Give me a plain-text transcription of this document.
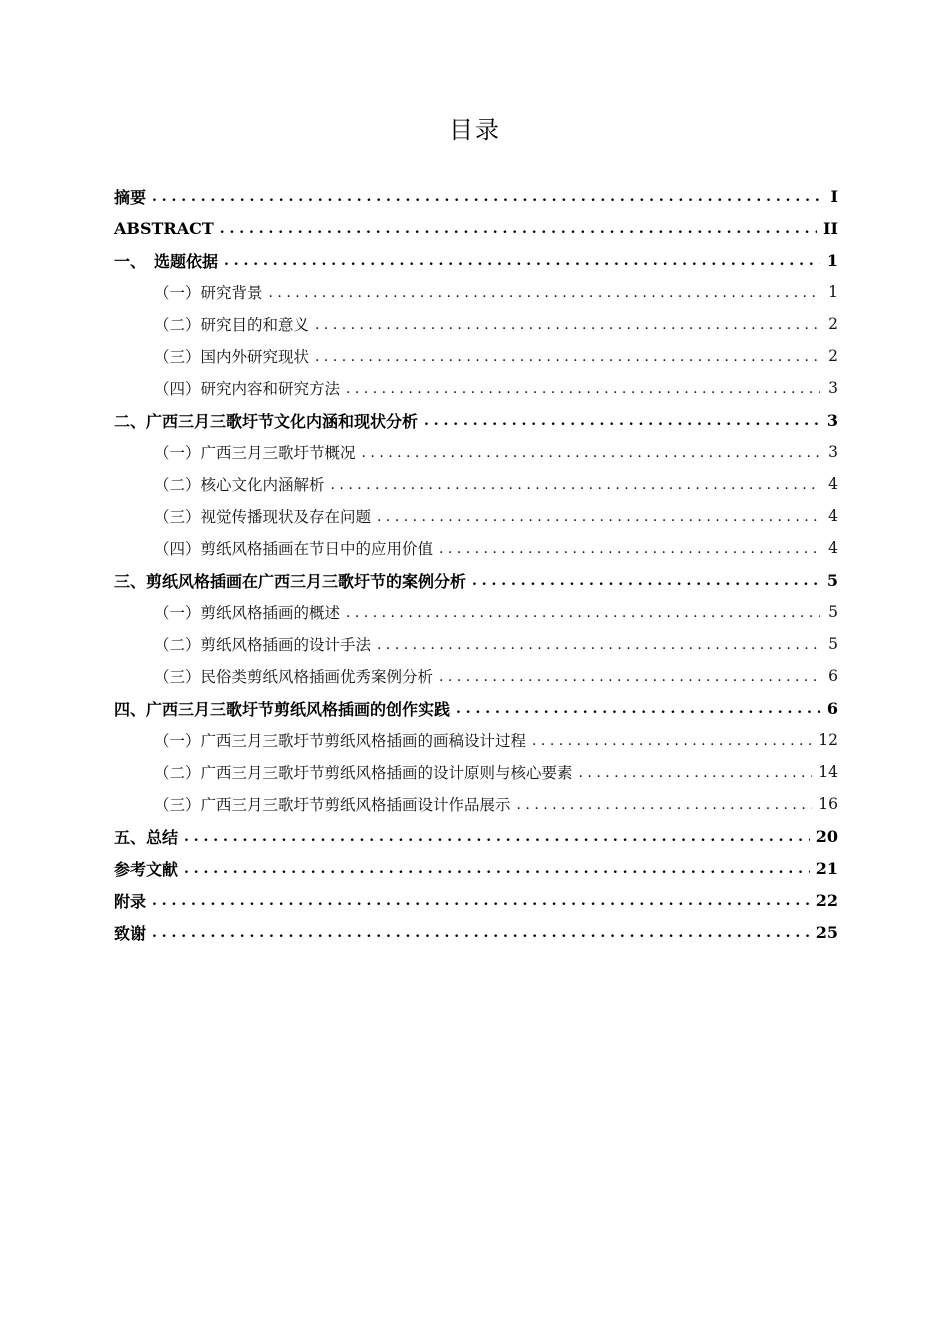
目录
摘要 . . .	I
ABSTRACT . . .	II
一、　选题依据 . . .	1
（一）研究背景 . . .	1
（二）研究目的和意义 . . .	2
（三）国内外研究现状 . . .	2
（四）研究内容和研究方法 . . .	3
二、广西三月三歌圩节文化内涵和现状分析 . . .	3
（一）广西三月三歌圩节概况 . . .	3
（二）核心文化内涵解析 . . .	4
（三）视觉传播现状及存在问题 . . .	4
（四）剪纸风格插画在节日中的应用价值 . . .	4
三、剪纸风格插画在广西三月三歌圩节的案例分析 . . .	5
（一）剪纸风格插画的概述 . . .	5
（二）剪纸风格插画的设计手法 . . .	5
（三）民俗类剪纸风格插画优秀案例分析 . . .	6
四、广西三月三歌圩节剪纸风格插画的创作实践 . . .	6
（一）广西三月三歌圩节剪纸风格插画的画稿设计过程 . . .	12
（二）广西三月三歌圩节剪纸风格插画的设计原则与核心要素 . . .	14
（三）广西三月三歌圩节剪纸风格插画设计作品展示 . . .	16
五、总结 . . .	20
参考文献 . . .	21
附录 . . .	22
致谢 . . .	25
